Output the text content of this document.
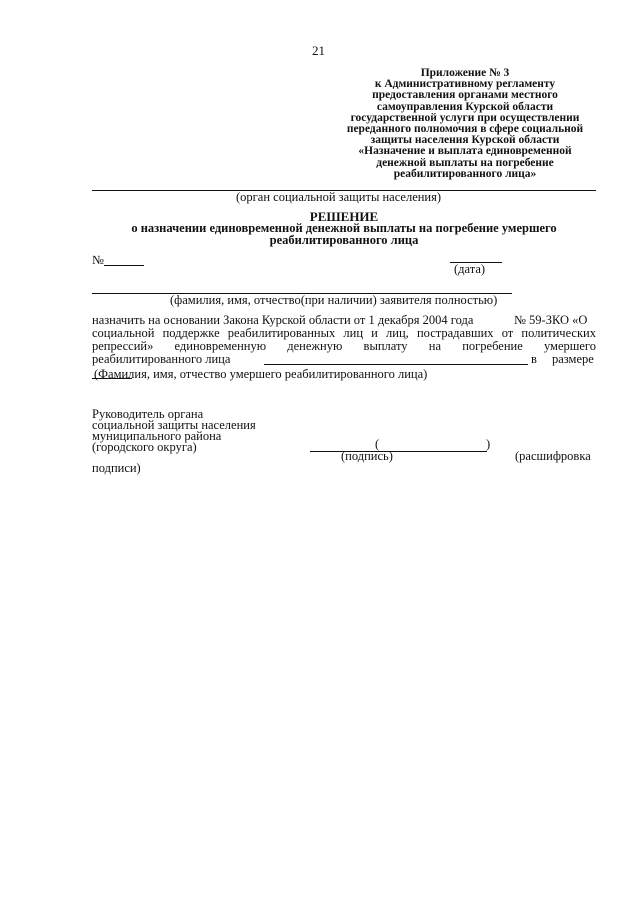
21
Приложение № 3
к Административному регламенту
предоставления органами местного
самоуправления Курской области
государственной услуги при осуществлении
переданного полномочия в сфере социальной
защиты населения Курской области
«Назначение и выплата единовременной
денежной выплаты на погребение
реабилитированного лица»
(орган социальной защиты населения)
РЕШЕНИЕ
о назначении единовременной денежной выплаты на погребение умершего
реабилитированного лица
№
(дата)
(фамилия, имя, отчество(при наличии) заявителя полностью)
назначить на основании Закона Курской области от 1 декабря 2004 года	№ 59-ЗКО «О
социальной поддержке реабилитированных лиц и лиц, пострадавших от политических
репрессий» единовременную денежную выплату на погребение умершего
реабилитированного лица	в размере
(Фамилия, имя, отчество умершего реабилитированного лица)
Руководитель органа
социальной защиты населения
муниципального района
(городского округа)	(	)
(подпись)	(расшифровка
подписи)
